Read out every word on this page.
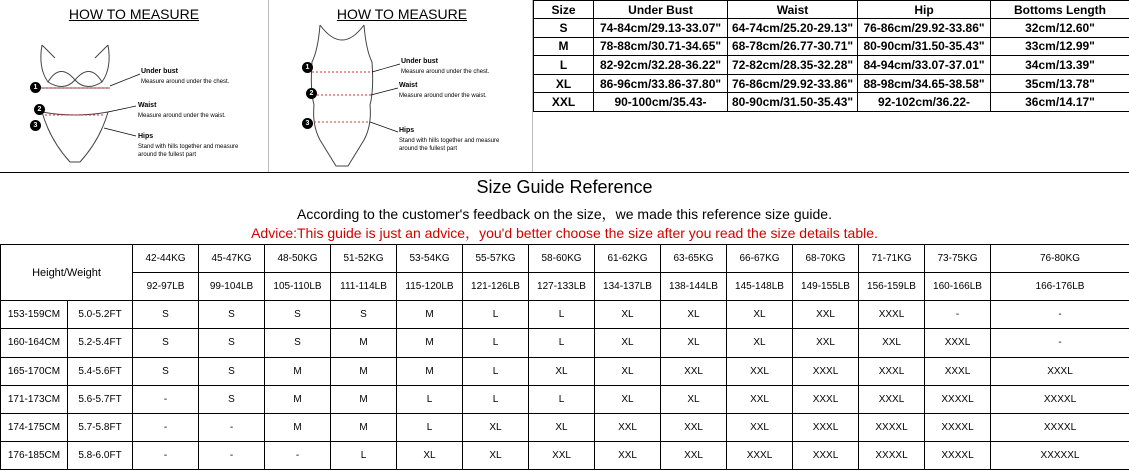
HOW TO MEASURE
1
2
3
Under bust
Measure around under the chest.
Waist
Measure around under the waist.
Hips
Stand with hills together and measure around the fullest part
HOW TO MEASURE
1
2
3
Under bust
Measure around under the chest.
Waist
Measure around under the waist.
Hips
Stand with hills together and measure around the fullest part
Size	Under Bust	Waist	Hip	Bottoms Length
S	74-84cm/29.13-33.07"	64-74cm/25.20-29.13"	76-86cm/29.92-33.86"	32cm/12.60"
M	78-88cm/30.71-34.65"	68-78cm/26.77-30.71"	80-90cm/31.50-35.43"	33cm/12.99"
L	82-92cm/32.28-36.22"	72-82cm/28.35-32.28"	84-94cm/33.07-37.01"	34cm/13.39"
XL	86-96cm/33.86-37.80"	76-86cm/29.92-33.86"	88-98cm/34.65-38.58"	35cm/13.78"
XXL	90-100cm/35.43-	80-90cm/31.50-35.43"	92-102cm/36.22-	36cm/14.17"
Size Guide Reference
According to the customer's feedback on the size，we made this reference size guide.
Advice:This guide is just an advice，you'd better choose the size after you read the size details table.
Height/Weight		42-44KG	45-47KG	48-50KG	51-52KG	53-54KG	55-57KG	58-60KG	61-62KG	63-65KG	66-67KG	68-70KG	71-71KG	73-75KG	76-80KG
		92-97LB	99-104LB	105-110LB	111-114LB	115-120LB	121-126LB	127-133LB	134-137LB	138-144LB	145-148LB	149-155LB	156-159LB	160-166LB	166-176LB
153-159CM	5.0-5.2FT	S	S	S	S	M	L	L	XL	XL	XL	XXL	XXXL	-	-
160-164CM	5.2-5.4FT	S	S	S	M	M	L	L	XL	XL	XL	XXL	XXL	XXXL	-
165-170CM	5.4-5.6FT	S	S	M	M	M	L	XL	XL	XXL	XXL	XXXL	XXXL	XXXL	XXXL
171-173CM	5.6-5.7FT	-	S	M	M	L	L	L	XL	XL	XXL	XXXL	XXXL	XXXXL	XXXXL
174-175CM	5.7-5.8FT	-	-	M	M	L	XL	XL	XXL	XXL	XXL	XXXL	XXXXL	XXXXL	XXXXL
176-185CM	5.8-6.0FT	-	-	-	L	XL	XL	XXL	XXL	XXL	XXXL	XXXL	XXXXL	XXXXL	XXXXXL
